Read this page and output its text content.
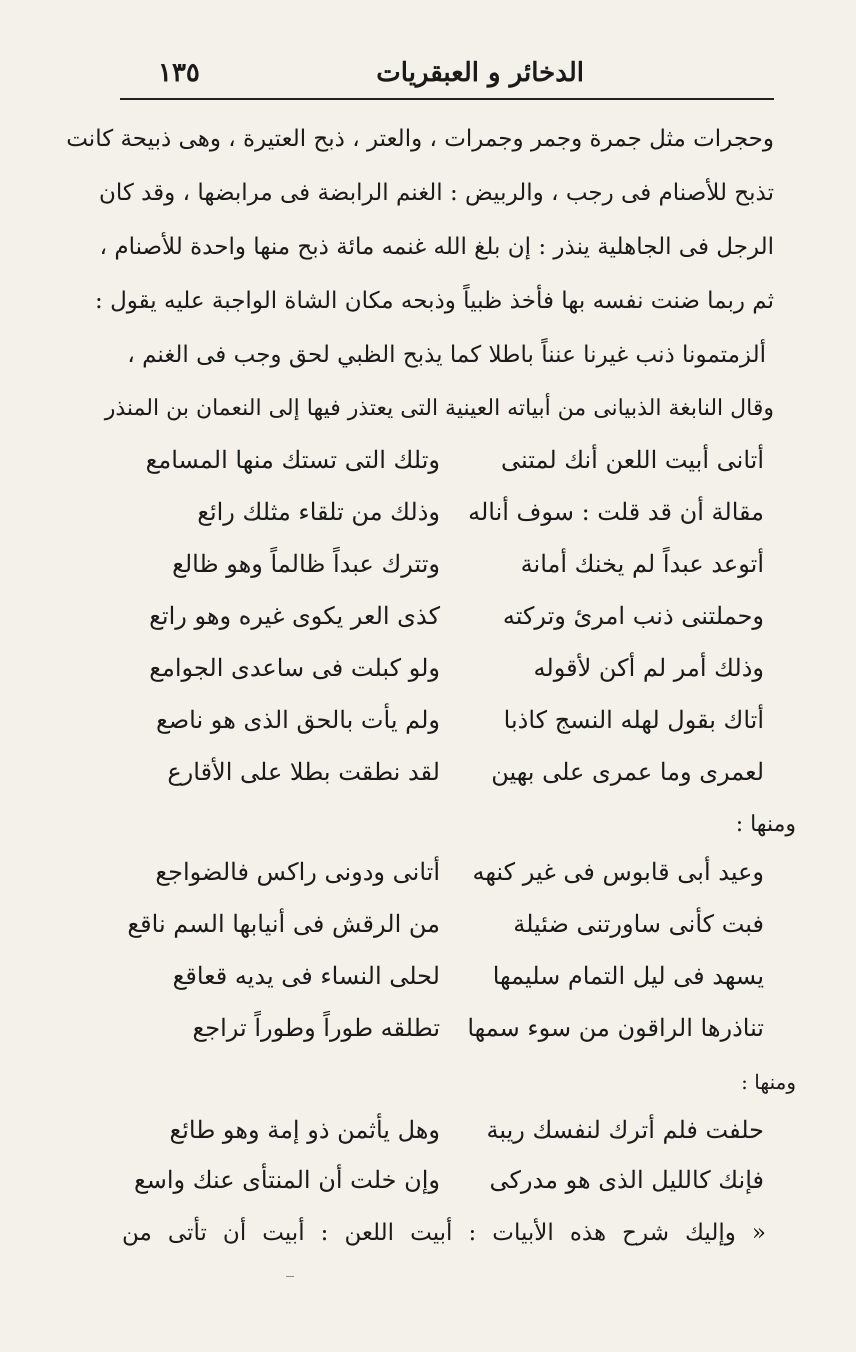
الدخائر و العبقريات
١٣٥
وحجرات مثل جمرة وجمر وجمرات ، والعتر ، ذبح العتيرة ، وهى ذبيحة كانت
تذبح للأصنام فى رجب ، والربيض : الغنم الرابضة فى مرابضها ، وقد كان
الرجل فى الجاهلية ينذر : إن بلغ الله غنمه مائة ذبح منها واحدة للأصنام ،
ثم ربما ضنت نفسه بها فأخذ ظبياً وذبحه مكان الشاة الواجبة عليه يقول :
ألزمتمونا ذنب غيرنا عنناً باطلا كما يذبح الظبي لحق وجب فى الغنم ،
وقال النابغة الذبيانى من أبياته العينية التى يعتذر فيها إلى النعمان بن المنذر
أتانى أبيت اللعن أنك لمتنى
وتلك التى تستك منها المسامع
مقالة أن قد قلت : سوف أناله
وذلك من تلقاء مثلك رائع
أتوعد عبداً لم يخنك أمانة
وتترك عبداً ظالماً وهو ظالع
وحملتنى ذنب امرئ وتركته
كذى العر يكوى غيره وهو راتع
وذلك أمر لم أكن لأقوله
ولو كبلت فى ساعدى الجوامع
أتاك بقول لهله النسج كاذبا
ولم يأت بالحق الذى هو ناصع
لعمرى وما عمرى على بهين
لقد نطقت بطلا على الأقارع
ومنها :
وعيد أبى قابوس فى غير كنهه
أتانى ودونى راكس فالضواجع
فبت كأنى ساورتنى ضئيلة
من الرقش فى أنيابها السم ناقع
يسهد فى ليل التمام سليمها
لحلى النساء فى يديه قعاقع
تناذرها الراقون من سوء سمها
تطلقه طوراً وطوراً تراجع
ومنها :
حلفت فلم أترك لنفسك ريبة
وهل يأثمن ذو إمة وهو طائع
فإنك كالليل الذى هو مدركى
وإن خلت أن المنتأى عنك واسع
« وإليك شرح هذه الأبيات : أبيت اللعن : أبيت أن تأتى من
